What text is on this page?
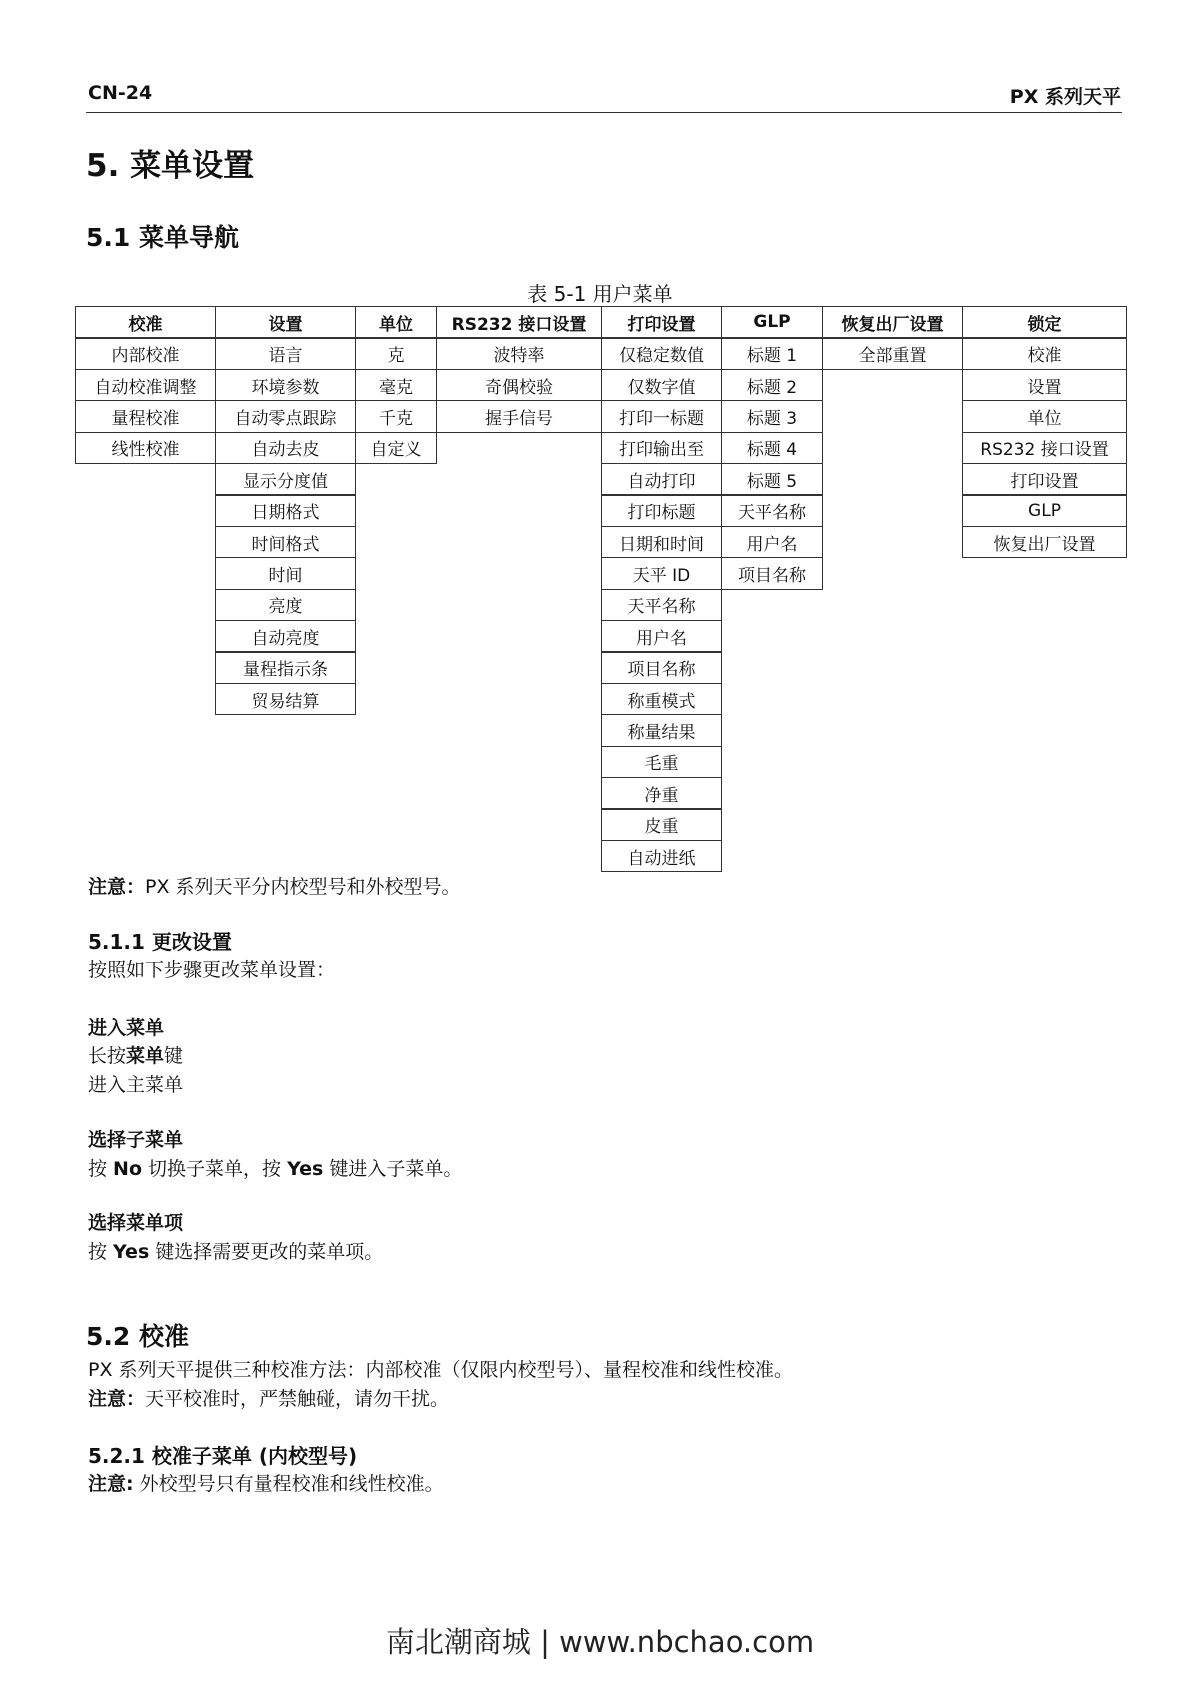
CN-24	PX 系列天平
5. 菜单设置
5.1 菜单导航
表 5-1 用户菜单
校准
内部校准
自动校准调整
量程校准
线性校准
设置
语言
环境参数
自动零点跟踪
自动去皮
显示分度值
日期格式
时间格式
时间
亮度
自动亮度
量程指示条
贸易结算
单位
克
毫克
千克
自定义
RS232 接口设置
波特率
奇偶校验
握手信号
打印设置
仅稳定数值
仅数字值
打印一标题
打印输出至
自动打印
打印标题
日期和时间
天平 ID
天平名称
用户名
项目名称
称重模式
称量结果
毛重
净重
皮重
自动进纸
GLP
标题 1
标题 2
标题 3
标题 4
标题 5
天平名称
用户名
项目名称
恢复出厂设置
全部重置
锁定
校准
设置
单位
RS232 接口设置
打印设置
GLP
恢复出厂设置
注意：PX 系列天平分内校型号和外校型号。
5.1.1 更改设置
按照如下步骤更改菜单设置：
进入菜单
长按菜单键
进入主菜单
选择子菜单
按 No 切换子菜单，按 Yes 键进入子菜单。
选择菜单项
按 Yes 键选择需要更改的菜单项。
5.2 校准
PX 系列天平提供三种校准方法：内部校准（仅限内校型号）、量程校准和线性校准。
注意：天平校准时，严禁触碰，请勿干扰。
5.2.1 校准子菜单 (内校型号)
注意: 外校型号只有量程校准和线性校准。
南北潮商城 | www.nbchao.com
